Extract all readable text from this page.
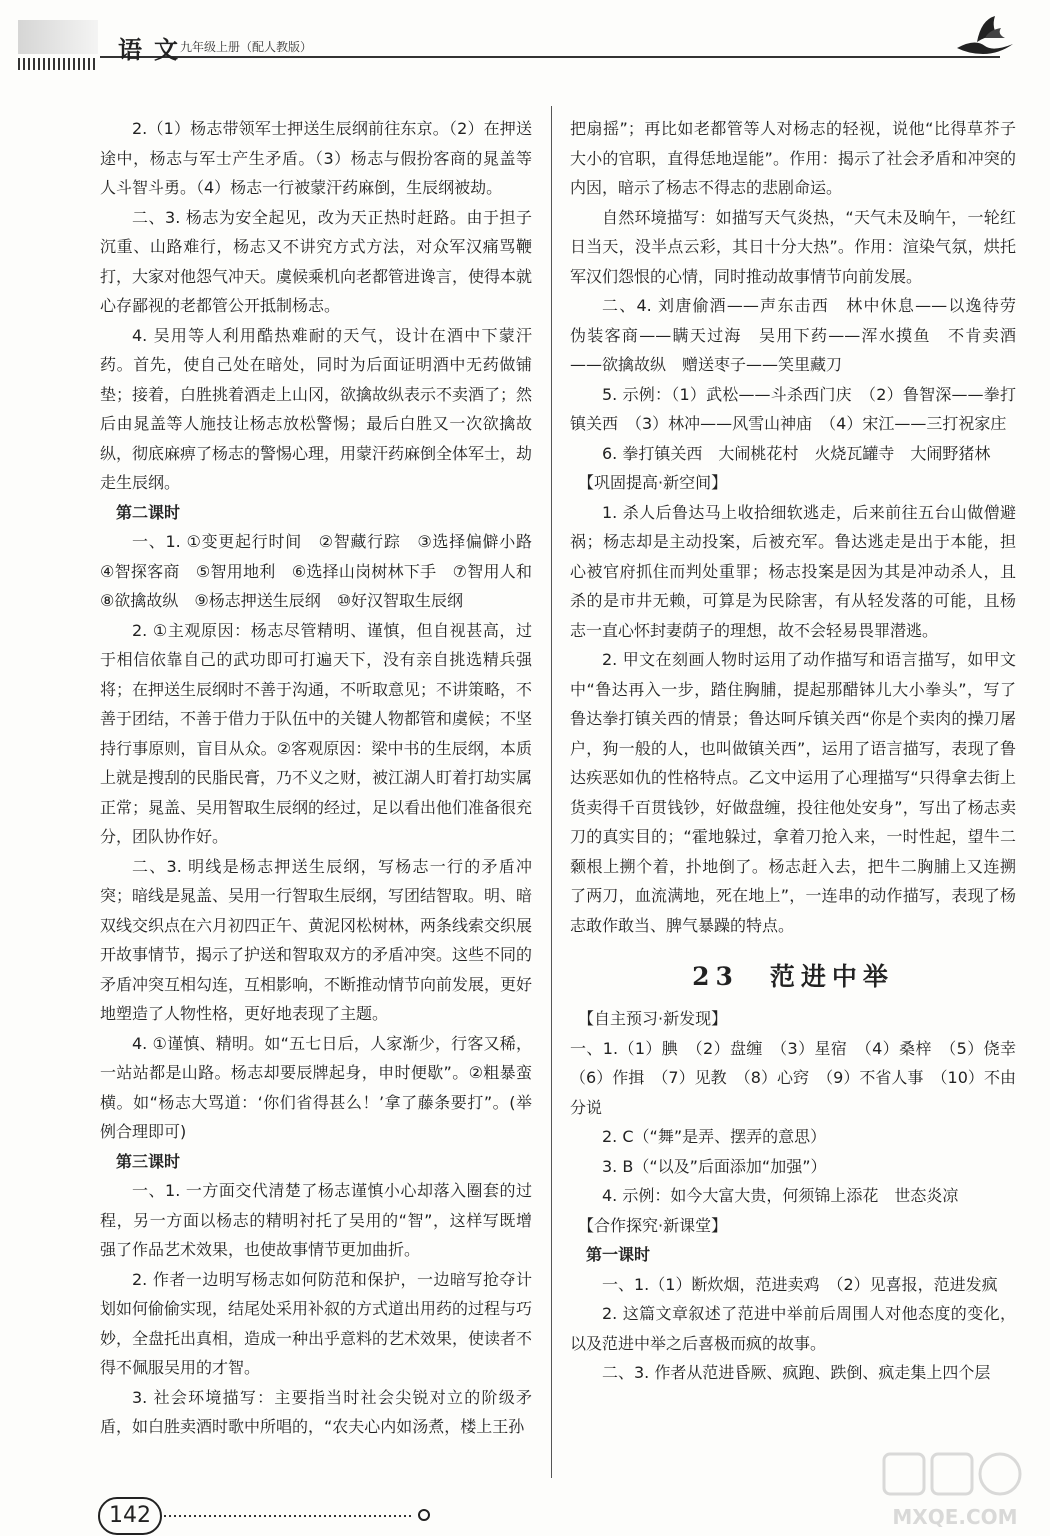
语文
九年级上册（配人教版）

2.（1）杨志带领军士押送生辰纲前往东京。（2）在押送途中，杨志与军士产生矛盾。（3）杨志与假扮客商的晁盖等人斗智斗勇。（4）杨志一行被蒙汗药麻倒，生辰纲被劫。

二、3. 杨志为安全起见，改为天正热时赶路。由于担子沉重、山路难行，杨志又不讲究方式方法，对众军汉痛骂鞭打，大家对他怨气冲天。虞候乘机向老都管进谗言，使得本就心存鄙视的老都管公开抵制杨志。

4. 吴用等人利用酷热难耐的天气，设计在酒中下蒙汗药。首先，使自己处在暗处，同时为后面证明酒中无药做铺垫；接着，白胜挑着酒走上山冈，欲擒故纵表示不卖酒了；然后由晁盖等人施技让杨志放松警惕；最后白胜又一次欲擒故纵，彻底麻痹了杨志的警惕心理，用蒙汗药麻倒全体军士，劫走生辰纲。

第二课时

一、1. ①变更起行时间　②智藏行踪　③选择偏僻小路　④智探客商　⑤智用地利　⑥选择山岗树林下手　⑦智用人和　⑧欲擒故纵　⑨杨志押送生辰纲　⑩好汉智取生辰纲

2. ①主观原因：杨志尽管精明、谨慎，但自视甚高，过于相信依靠自己的武功即可打遍天下，没有亲自挑选精兵强将；在押送生辰纲时不善于沟通，不听取意见；不讲策略，不善于团结，不善于借力于队伍中的关键人物都管和虞候；不坚持行事原则，盲目从众。②客观原因：梁中书的生辰纲，本质上就是搜刮的民脂民膏，乃不义之财，被江湖人盯着打劫实属正常；晁盖、吴用智取生辰纲的经过，足以看出他们准备很充分，团队协作好。

二、3. 明线是杨志押送生辰纲，写杨志一行的矛盾冲突；暗线是晁盖、吴用一行智取生辰纲，写团结智取。明、暗双线交织点在六月初四正午、黄泥冈松树林，两条线索交织展开故事情节，揭示了护送和智取双方的矛盾冲突。这些不同的矛盾冲突互相勾连，互相影响，不断推动情节向前发展，更好地塑造了人物性格，更好地表现了主题。

4. ①谨慎、精明。如“五七日后，人家渐少，行客又稀，一站站都是山路。杨志却要辰牌起身，申时便歇”。②粗暴蛮横。如“杨志大骂道：‘你们省得甚么！’拿了藤条要打”。(举例合理即可)

第三课时

一、1. 一方面交代清楚了杨志谨慎小心却落入圈套的过程，另一方面以杨志的精明衬托了吴用的“智”，这样写既增强了作品艺术效果，也使故事情节更加曲折。

2. 作者一边明写杨志如何防范和保护，一边暗写抢夺计划如何偷偷实现，结尾处采用补叙的方式道出用药的过程与巧妙，全盘托出真相，造成一种出乎意料的艺术效果，使读者不得不佩服吴用的才智。

3. 社会环境描写：主要指当时社会尖锐对立的阶级矛盾，如白胜卖酒时歌中所唱的，“农夫心内如汤煮，楼上王孙

把扇摇”；再比如老都管等人对杨志的轻视，说他“比得草芥子大小的官职，直得恁地逞能”。作用：揭示了社会矛盾和冲突的内因，暗示了杨志不得志的悲剧命运。

自然环境描写：如描写天气炎热，“天气未及晌午，一轮红日当天，没半点云彩，其日十分大热”。作用：渲染气氛，烘托军汉们怨恨的心情，同时推动故事情节向前发展。

二、4. 刘唐偷酒——声东击西　林中休息——以逸待劳　伪装客商——瞒天过海　吴用下药——浑水摸鱼　不肯卖酒——欲擒故纵　赠送枣子——笑里藏刀

5. 示例：（1）武松——斗杀西门庆　（2）鲁智深——拳打镇关西　（3）林冲——风雪山神庙　（4）宋江——三打祝家庄

6. 拳打镇关西　大闹桃花村　火烧瓦罐寺　大闹野猪林

【巩固提高·新空间】

1. 杀人后鲁达马上收拾细软逃走，后来前往五台山做僧避祸；杨志却是主动投案，后被充军。鲁达逃走是出于本能，担心被官府抓住而判处重罪；杨志投案是因为其是冲动杀人，且杀的是市井无赖，可算是为民除害，有从轻发落的可能，且杨志一直心怀封妻荫子的理想，故不会轻易畏罪潜逃。

2. 甲文在刻画人物时运用了动作描写和语言描写，如甲文中“鲁达再入一步，踏住胸脯，提起那醋钵儿大小拳头”，写了鲁达拳打镇关西的情景；鲁达呵斥镇关西“你是个卖肉的操刀屠户，狗一般的人，也叫做镇关西”，运用了语言描写，表现了鲁达疾恶如仇的性格特点。乙文中运用了心理描写“只得拿去街上货卖得千百贯钱钞，好做盘缠，投往他处安身”，写出了杨志卖刀的真实目的；“霍地躲过，拿着刀抢入来，一时性起，望牛二颡根上搠个着，扑地倒了。杨志赶入去，把牛二胸脯上又连搠了两刀，血流满地，死在地上”，一连串的动作描写，表现了杨志敢作敢当、脾气暴躁的特点。

23　范进中举

【自主预习·新发现】

一、1.（1）腆　（2）盘缠　（3）星宿　（4）桑梓　（5）侥幸　（6）作揖　（7）见教　（8）心窍　（9）不省人事　（10）不由分说

2. C（“舞”是弄、摆弄的意思）

3. B（“以及”后面添加“加强”）

4. 示例：如今大富大贵，何须锦上添花　世态炎凉

【合作探究·新课堂】

第一课时

一、1.（1）断炊烟，范进卖鸡　（2）见喜报，范进发疯

2. 这篇文章叙述了范进中举前后周围人对他态度的变化，以及范进中举之后喜极而疯的故事。

二、3. 作者从范进昏厥、疯跑、跌倒、疯走集上四个层

142	MXQE.COM
